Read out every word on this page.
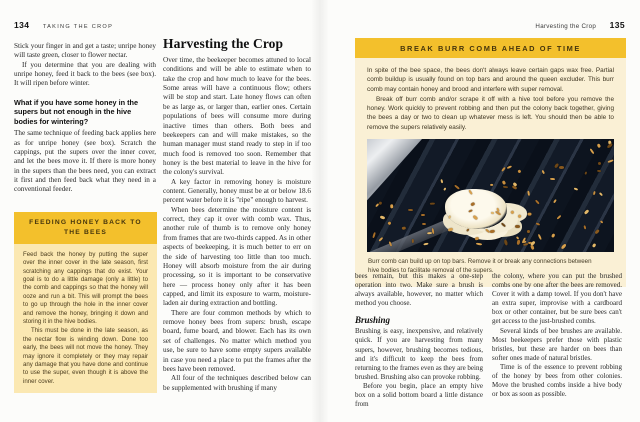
134 TAKING THE CROP

Stick your finger in and get a taste; unripe honey will taste green, closer to flower nectar.

If you determine that you are dealing with unripe honey, feed it back to the bees (see box). It will ripen before winter.

What if you have some honey in the supers but not enough in the hive bodies for wintering?

The same technique of feeding back applies here as for unripe honey (see box). Scratch the cappings, put the supers over the inner cover, and let the bees move it. If there is more honey in the supers than the bees need, you can extract it first and then feed back what they need in a conventional feeder.

FEEDING HONEY BACK TO THE BEES

Feed back the honey by putting the super over the inner cover in the late season, first scratching any cappings that do exist. Your goal is to do a little damage (only a little) to the comb and cappings so that the honey will ooze and run a bit. This will prompt the bees to go up through the hole in the inner cover and remove the honey, bringing it down and storing it in the hive bodies.

This must be done in the late season, as the nectar flow is winding down. Done too early, the bees will not move the honey. They may ignore it completely or they may repair any damage that you have done and continue to use the super, even though it is above the inner cover.

Harvesting the Crop

Over time, the beekeeper becomes attuned to local conditions and will be able to estimate when to take the crop and how much to leave for the bees. Some areas will have a continuous flow; others will be stop and start. Late honey flows can often be as large as, or larger than, earlier ones. Certain populations of bees will consume more during inactive times than others. Both bees and beekeepers can and will make mistakes, so the human manager must stand ready to step in if too much food is removed too soon. Remember that honey is the best material to leave in the hive for the colony's survival.

A key factor in removing honey is moisture content. Generally, honey must be at or below 18.6 percent water before it is "ripe" enough to harvest.

When bees determine the moisture content is correct, they cap it over with comb wax. Thus, another rule of thumb is to remove only honey from frames that are two-thirds capped. As in other aspects of beekeeping, it is much better to err on the side of harvesting too little than too much. Honey will absorb moisture from the air during processing, so it is important to be conservative here — process honey only after it has been capped, and limit its exposure to warm, moisture-laden air during extraction and bottling.

There are four common methods by which to remove honey bees from supers: brush, escape board, fume board, and blower. Each has its own set of challenges. No matter which method you use, be sure to have some empty supers available in case you need a place to put the frames after the bees have been removed.

All four of the techniques described below can be supplemented with brushing if many

Harvesting the Crop 135
BREAK BURR COMB AHEAD OF TIME

In spite of the bee space, the bees don't always leave certain gaps wax free. Partial comb buildup is usually found on top bars and around the queen excluder. This burr comb may contain honey and brood and interfere with super removal.

Break off burr comb and/or scrape it off with a hive tool before you remove the honey. Work quickly to prevent robbing and then put the colony back together, giving the bees a day or two to clean up whatever mess is left. You should then be able to remove the supers relatively easily.

Burr comb can build up on top bars. Remove it or break any connections between hive bodies to facilitate removal of the supers.

bees remain, but this makes a one-step operation into two. Make sure a brush is always available, however, no matter which method you choose.

Brushing

Brushing is easy, inexpensive, and relatively quick. If you are harvesting from many supers, however, brushing becomes tedious, and it's difficult to keep the bees from returning to the frames even as they are being brushed. Brushing also can provoke robbing.

Before you begin, place an empty hive box on a solid bottom board a little distance from

the colony, where you can put the brushed combs one by one after the bees are removed. Cover it with a damp towel. If you don't have an extra super, improvise with a cardboard box or other container, but be sure bees can't get access to the just-brushed combs.

Several kinds of bee brushes are available. Most beekeepers prefer those with plastic bristles, but these are harder on bees than softer ones made of natural bristles.

Time is of the essence to prevent robbing of the honey by bees from other colonies. Move the brushed combs inside a hive body or box as soon as possible.
